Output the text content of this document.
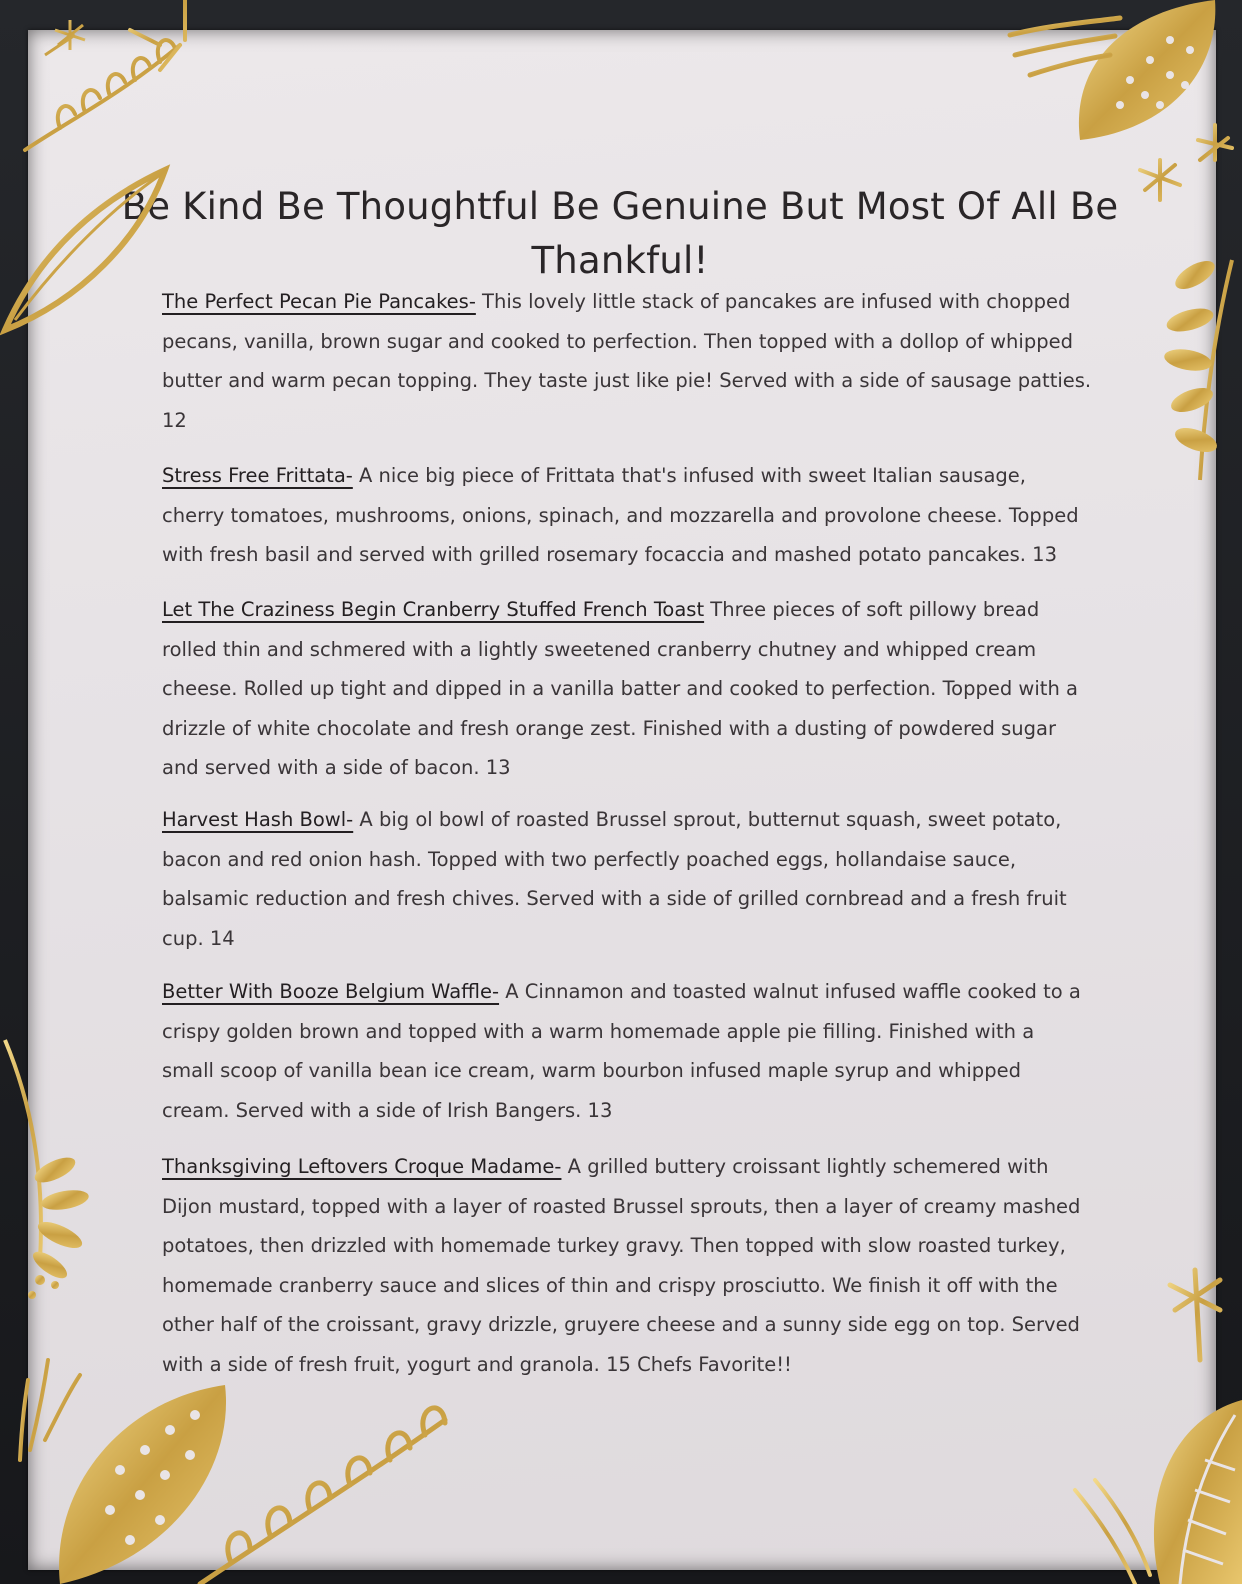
Be Kind Be Thoughtful Be Genuine But Most Of All Be Thankful!
The Perfect Pecan Pie Pancakes- This lovely little stack of pancakes are infused with chopped pecans, vanilla, brown sugar and cooked to perfection. Then topped with a dollop of whipped butter and warm pecan topping. They taste just like pie! Served with a side of sausage patties. 12
Stress Free Frittata- A nice big piece of Frittata that's infused with sweet Italian sausage, cherry tomatoes, mushrooms, onions, spinach, and mozzarella and provolone cheese. Topped with fresh basil and served with grilled rosemary focaccia and mashed potato pancakes. 13
Let The Craziness Begin Cranberry Stuffed French Toast Three pieces of soft pillowy bread rolled thin and schmered with a lightly sweetened cranberry chutney and whipped cream cheese. Rolled up tight and dipped in a vanilla batter and cooked to perfection. Topped with a drizzle of white chocolate and fresh orange zest. Finished with a dusting of powdered sugar and served with a side of bacon. 13
Harvest Hash Bowl- A big ol bowl of roasted Brussel sprout, butternut squash, sweet potato, bacon and red onion hash. Topped with two perfectly poached eggs, hollandaise sauce, balsamic reduction and fresh chives. Served with a side of grilled cornbread and a fresh fruit cup. 14
Better With Booze Belgium Waffle- A Cinnamon and toasted walnut infused waffle cooked to a crispy golden brown and topped with a warm homemade apple pie filling. Finished with a small scoop of vanilla bean ice cream, warm bourbon infused maple syrup and whipped cream. Served with a side of Irish Bangers. 13
Thanksgiving Leftovers Croque Madame- A grilled buttery croissant lightly schemered with Dijon mustard, topped with a layer of roasted Brussel sprouts, then a layer of creamy mashed potatoes, then drizzled with homemade turkey gravy. Then topped with slow roasted turkey, homemade cranberry sauce and slices of thin and crispy prosciutto. We finish it off with the other half of the croissant, gravy drizzle, gruyere cheese and a sunny side egg on top. Served with a side of fresh fruit, yogurt and granola. 15 Chefs Favorite!!
